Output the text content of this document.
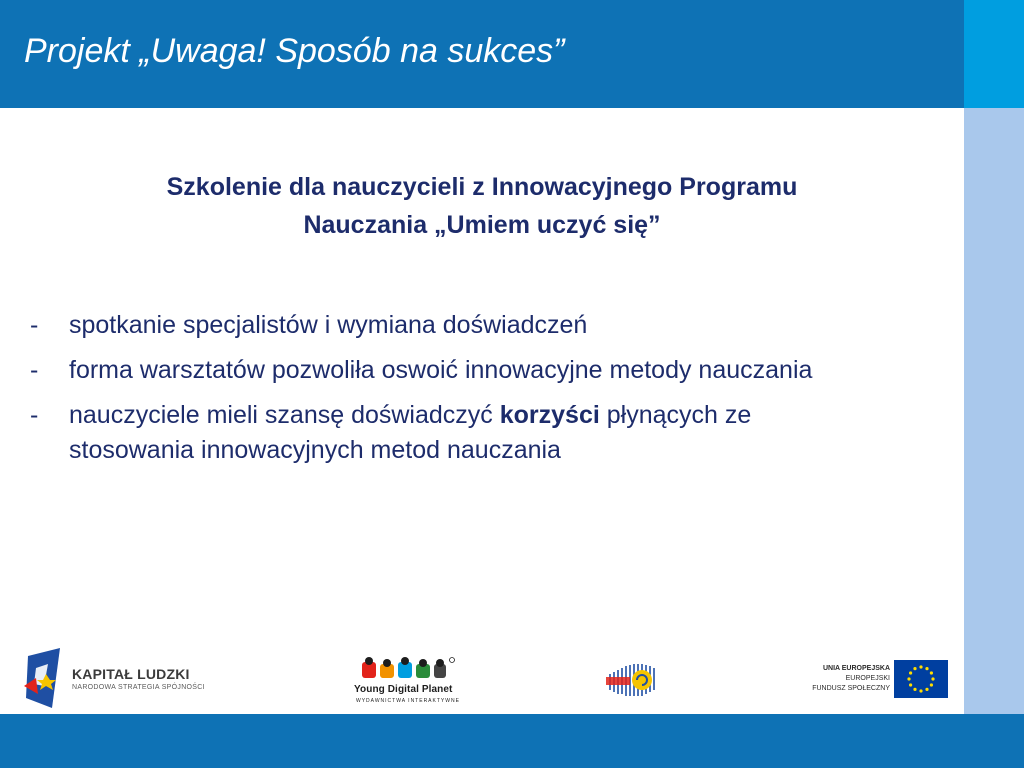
Projekt „Uwaga! Sposób na sukces”
Szkolenie dla nauczycieli z Innowacyjnego Programu
Nauczania „Umiem uczyć się”
-	spotkanie specjalistów i wymiana doświadczeń
-	forma warsztatów pozwoliła oswoić innowacyjne metody nauczania
-	nauczyciele mieli szansę doświadczyć korzyści płynących ze stosowania innowacyjnych metod nauczania
KAPITAŁ LUDZKI
NARODOWA STRATEGIA SPÓJNOŚCI	Young Digital Planet
WYDAWNICTWA INTERAKTYWNE
UNIA EUROPEJSKA
EUROPEJSKI
FUNDUSZ SPOŁECZNY
